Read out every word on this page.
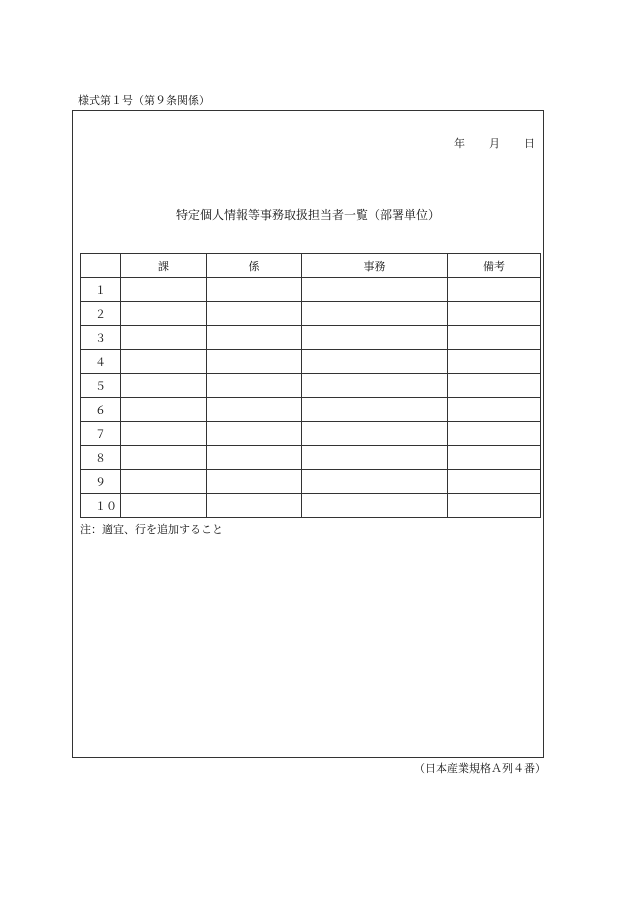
様式第１号（第９条関係）
年 月 日
特定個人情報等事務取扱担当者一覧（部署単位）
	課	係	事務	備考
１				
２				
３				
４				
５				
６				
７				
８				
９				
１０				
注：適宜、行を追加すること
（日本産業規格Ａ列４番）
